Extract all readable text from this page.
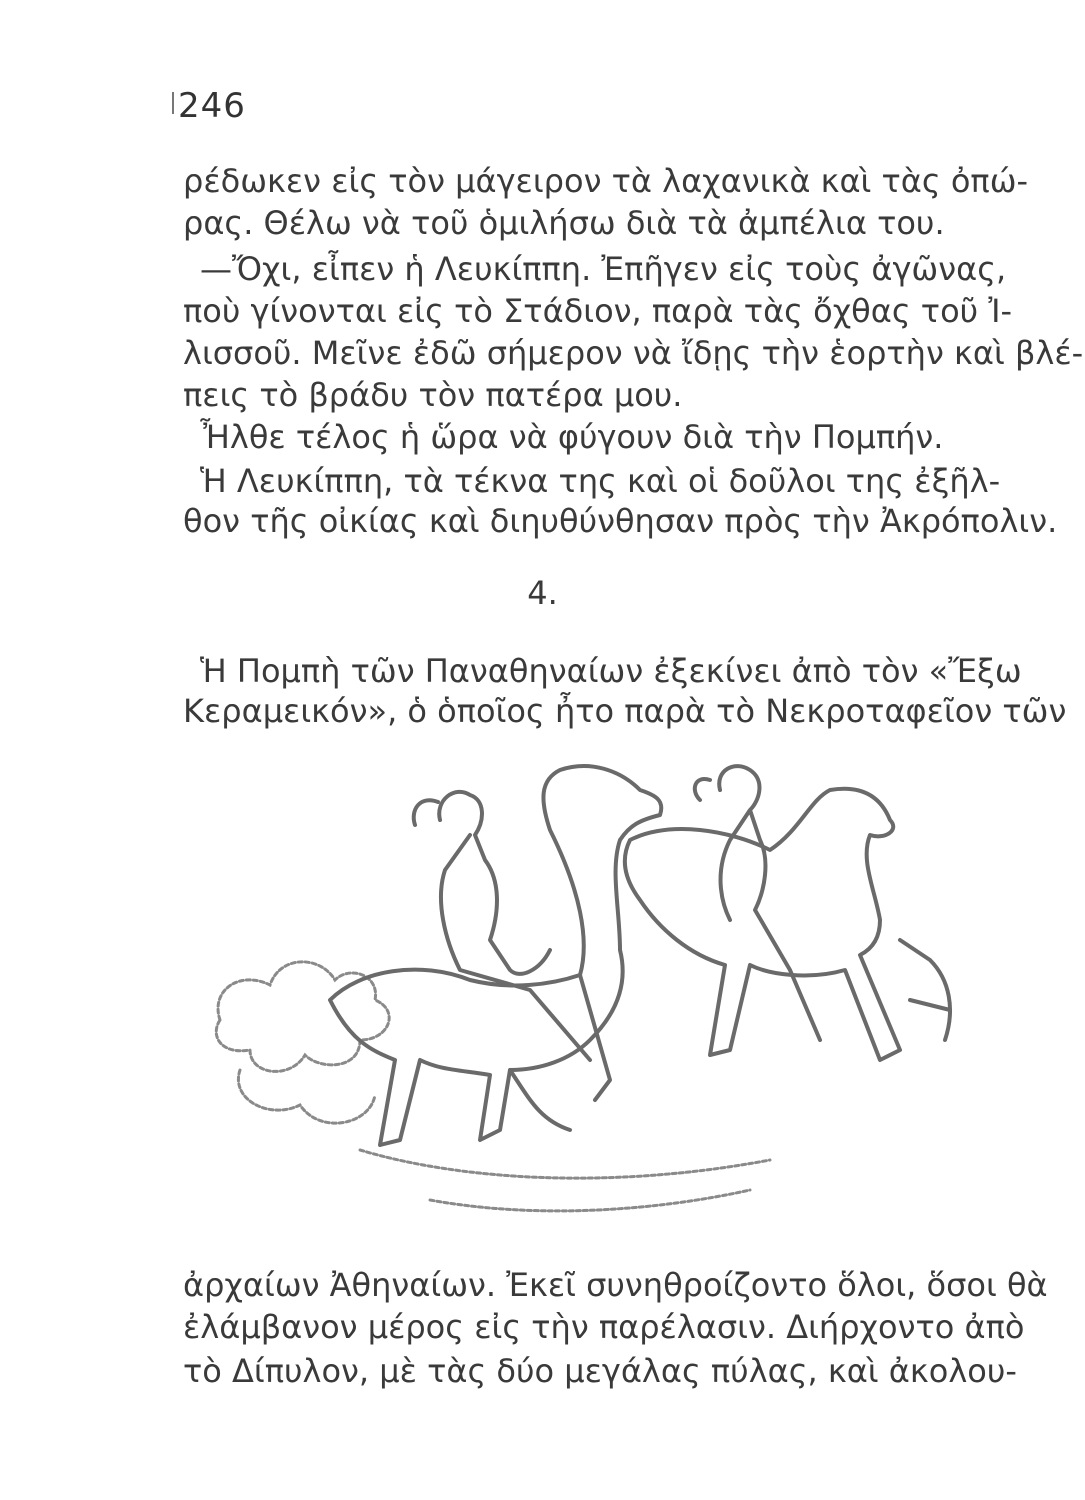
246
ρέδωκεν εἰς τὸν μάγειρον τὰ λαχανικὰ καὶ τὰς ὀπώ-
ρας. Θέλω νὰ τοῦ ὁμιλήσω διὰ τὰ ἀμπέλια του.
—Ὄχι, εἶπεν ἡ Λευκίππη. Ἐπῆγεν εἰς τοὺς ἀγῶνας,
ποὺ γίνονται εἰς τὸ Στάδιον, παρὰ τὰς ὄχθας τοῦ Ἰ-
λισσοῦ. Μεῖνε ἐδῶ σήμερον νὰ ἴδῃς τὴν ἑορτὴν καὶ βλέ-
πεις τὸ βράδυ τὸν πατέρα μου.
Ἦλθε τέλος ἡ ὥρα νὰ φύγουν διὰ τὴν Πομπήν.
Ἡ Λευκίππη, τὰ τέκνα της καὶ οἱ δοῦλοι της ἐξῆλ-
θον τῆς οἰκίας καὶ διηυθύνθησαν πρὸς τὴν Ἀκρόπολιν.
4.
Ἡ Πομπὴ τῶν Παναθηναίων ἐξεκίνει ἀπὸ τὸν «Ἔξω
Κεραμεικόν», ὁ ὁποῖος ἦτο παρὰ τὸ Νεκροταφεῖον τῶν
ἀρχαίων Ἀθηναίων. Ἐκεῖ συνηθροίζοντο ὅλοι, ὅσοι θὰ
ἐλάμβανον μέρος εἰς τὴν παρέλασιν. Διήρχοντο ἀπὸ
τὸ Δίπυλον, μὲ τὰς δύο μεγάλας πύλας, καὶ ἀκολου-
